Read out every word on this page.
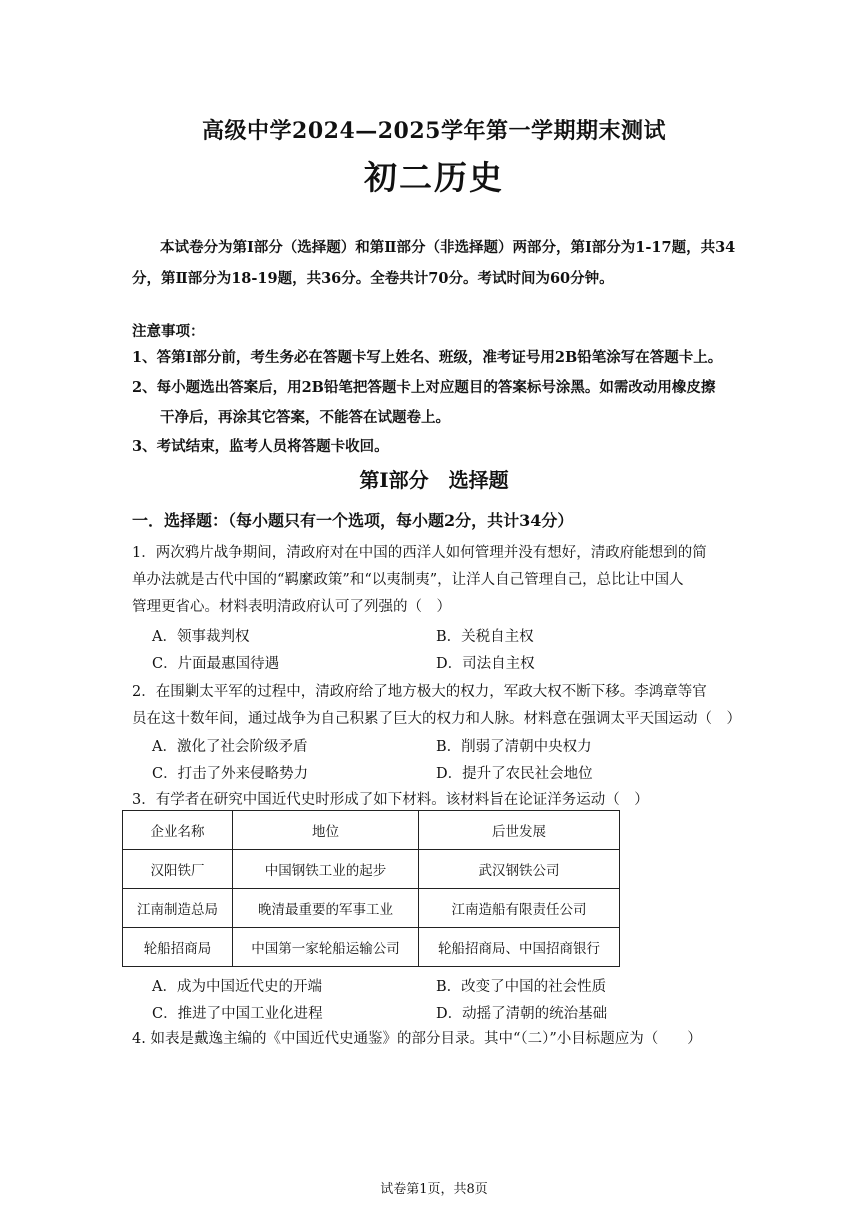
高级中学2024—2025学年第一学期期末测试
初二历史
本试卷分为第Ⅰ部分（选择题）和第Ⅱ部分（非选择题）两部分，第Ⅰ部分为1-17题，共34分，第Ⅱ部分为18-19题，共36分。全卷共计70分。考试时间为60分钟。
注意事项：
1、答第Ⅰ部分前，考生务必在答题卡写上姓名、班级，准考证号用2B铅笔涂写在答题卡上。
2、每小题选出答案后，用2B铅笔把答题卡上对应题目的答案标号涂黑。如需改动用橡皮擦
干净后，再涂其它答案，不能答在试题卷上。
3、考试结束，监考人员将答题卡收回。
第Ⅰ部分　选择题
一．选择题：（每小题只有一个选项，每小题2分，共计34分）
1．两次鸦片战争期间，清政府对在中国的西洋人如何管理并没有想好，清政府能想到的简
单办法就是古代中国的“羁縻政策”和“以夷制夷”，让洋人自己管理自己，总比让中国人
管理更省心。材料表明清政府认可了列强的（　）
A．领事裁判权	B．关税自主权
C．片面最惠国待遇	D．司法自主权
2．在围剿太平军的过程中，清政府给了地方极大的权力，军政大权不断下移。李鸿章等官
员在这十数年间，通过战争为自己积累了巨大的权力和人脉。材料意在强调太平天国运动（　）
A．激化了社会阶级矛盾	B．削弱了清朝中央权力
C．打击了外来侵略势力	D．提升了农民社会地位
3．有学者在研究中国近代史时形成了如下材料。该材料旨在论证洋务运动（　）
企业名称	地位	后世发展
汉阳铁厂	中国钢铁工业的起步	武汉钢铁公司
江南制造总局	晚清最重要的军事工业	江南造船有限责任公司
轮船招商局	中国第一家轮船运输公司	轮船招商局、中国招商银行
A．成为中国近代史的开端	B．改变了中国的社会性质
C．推进了中国工业化进程	D．动摇了清朝的统治基础
4. 如表是戴逸主编的《中国近代史通鉴》的部分目录。其中“（二）”小目标题应为（　　）
试卷第1页，共8页
